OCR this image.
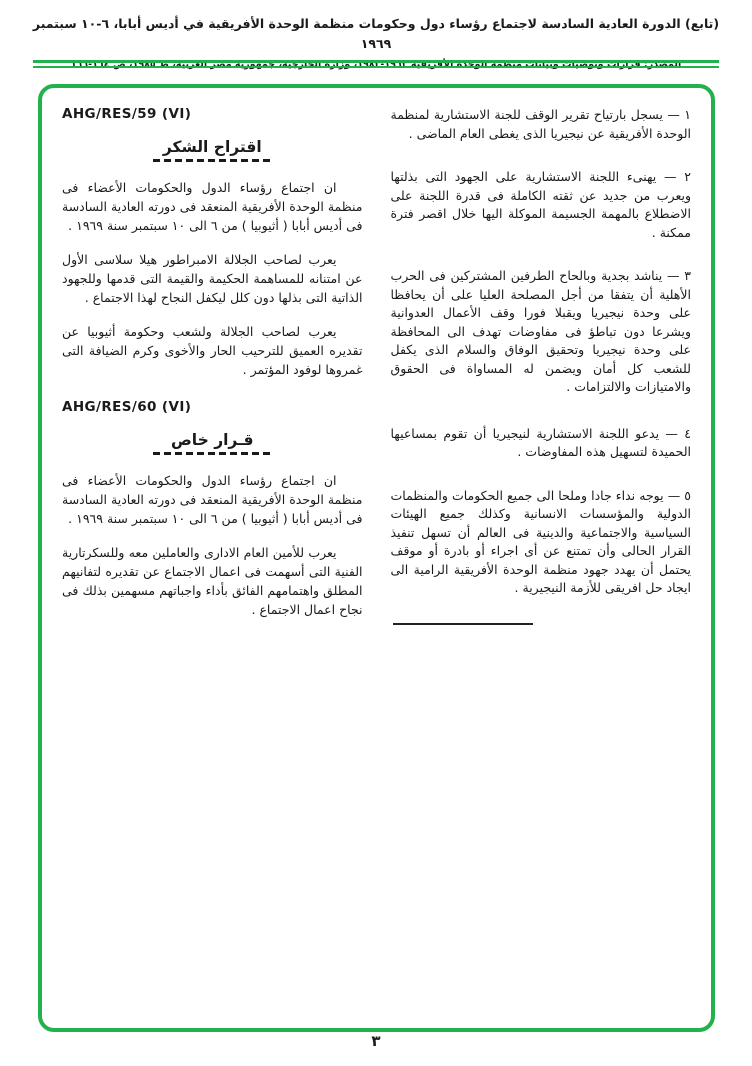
(تابع) الدورة العادية السادسة لاجتماع رؤساء دول وحكومات منظمة الوحدة الأفريقية في أديس أبابا، ٦-١٠ سبتمبر ١٩٦٩
المصدر: قرارات وتوصيات وبيانات منظمة الوحدة الأفريقية ١٩٦٣-١٩٨٣، وزارة الخارجية، جمهورية مصر العربية، ط ١٩٨٥، ص ١٦٤-١٦٦

١ — يسجل بارتياح تقرير الوقف للجنة الاستشارية لمنظمة الوحدة الأفريقية عن نيجيريا الذى يغطى العام الماضى .

٢ — يهنىء اللجنة الاستشارية على الجهود التى بذلتها ويعرب من جديد عن ثقته الكاملة فى قدرة اللجنة على الاضطلاع بالمهمة الجسيمة الموكلة اليها خلال اقصر فترة ممكنة .

٣ — يناشد بجدية وبالحاح الطرفين المشتركين فى الحرب الأهلية أن يتفقا من أجل المصلحة العليا على أن يحافظا على وحدة نيجيريا ويقبلا فورا وقف الأعمال العدوانية ويشرعا دون تباطؤ فى مفاوضات تهدف الى المحافظة على وحدة نيجيريا وتحقيق الوفاق والسلام الذى يكفل للشعب كل أمان ويضمن له المساواة فى الحقوق والامتيازات والالتزامات .

٤ — يدعو اللجنة الاستشارية لنيجيريا أن تقوم بمساعيها الحميدة لتسهيل هذه المفاوضات .

٥ — يوجه نداء جادا وملحا الى جميع الحكومات والمنظمات الدولية والمؤسسات الانسانية وكذلك جميع الهيئات السياسية والاجتماعية والدينية فى العالم أن تسهل تنفيذ القرار الحالى وأن تمتنع عن أى اجراء أو بادرة أو موقف يحتمل أن يهدد جهود منظمة الوحدة الأفريقية الرامية الى ايجاد حل افريقى للأزمة النيجيرية .

AHG/RES/59 (VI)
اقتراح الشكر

ان اجتماع رؤساء الدول والحكومات الأعضاء فى منظمة الوحدة الأفريقية المنعقد فى دورته العادية السادسة فى أديس أبابا ( أثيوبيا ) من ٦ الى ١٠ سبتمبر سنة ١٩٦٩ .

يعرب لصاحب الجلالة الامبراطور هيلا سلاسى الأول عن امتنانه للمساهمة الحكيمة والقيمة التى قدمها وللجهود الذاتية التى بذلها دون كلل ليكفل النجاح لهذا الاجتماع .

يعرب لصاحب الجلالة ولشعب وحكومة أثيوبيا عن تقديره العميق للترحيب الحار والأخوى وكرم الضيافة التى غمروها لوفود المؤتمر .

AHG/RES/60 (VI)
قـرار خاص

ان اجتماع رؤساء الدول والحكومات الأعضاء فى منظمة الوحدة الأفريقية المنعقد فى دورته العادية السادسة فى أديس أبابا ( أثيوبيا ) من ٦ الى ١٠ سبتمبر سنة ١٩٦٩ .

يعرب للأمين العام الادارى والعاملين معه وللسكرتارية الفنية التى أسهمت فى اعمال الاجتماع عن تقديره لتفانيهم المطلق واهتمامهم الفائق بأداء واجباتهم مسهمين بذلك فى نجاح اعمال الاجتماع .

٣
